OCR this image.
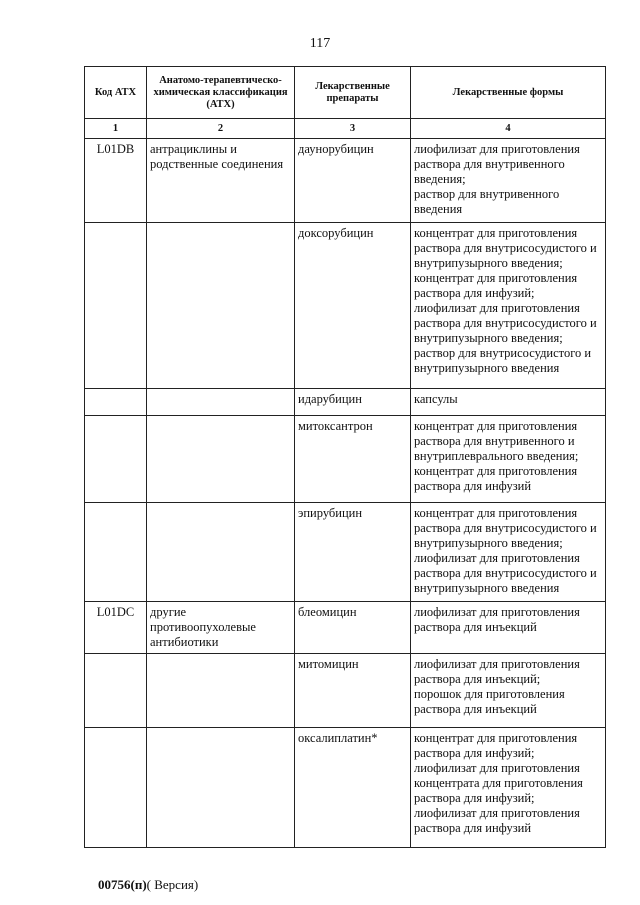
117
Код АТХ	Анатомо-терапевтическо-химическая классификация (АТХ)	Лекарственные препараты	Лекарственные формы
1	2	3	4
L01DB	антрациклины и родственные соединения	даунорубицин	лиофилизат для приготовления раствора для внутривенного введения;
раствор для внутривенного введения
		доксорубицин	концентрат для приготовления раствора для внутрисосудистого и внутрипузырного введения;
концентрат для приготовления раствора для инфузий;
лиофилизат для приготовления раствора для внутрисосудистого и внутрипузырного введения;
раствор для внутрисосудистого и внутрипузырного введения
		идарубицин	капсулы
		митоксантрон	концентрат для приготовления раствора для внутривенного и внутриплеврального введения;
концентрат для приготовления раствора для инфузий
		эпирубицин	концентрат для приготовления раствора для внутрисосудистого и внутрипузырного введения;
лиофилизат для приготовления раствора для внутрисосудистого и внутрипузырного введения
L01DC	другие противоопухолевые антибиотики	блеомицин	лиофилизат для приготовления раствора для инъекций
		митомицин	лиофилизат для приготовления раствора для инъекций;
порошок для приготовления раствора для инъекций
		оксалиплатин*	концентрат для приготовления раствора для инфузий;
лиофилизат для приготовления концентрата для приготовления раствора для инфузий;
лиофилизат для приготовления раствора для инфузий
00756(п)( Версия)
